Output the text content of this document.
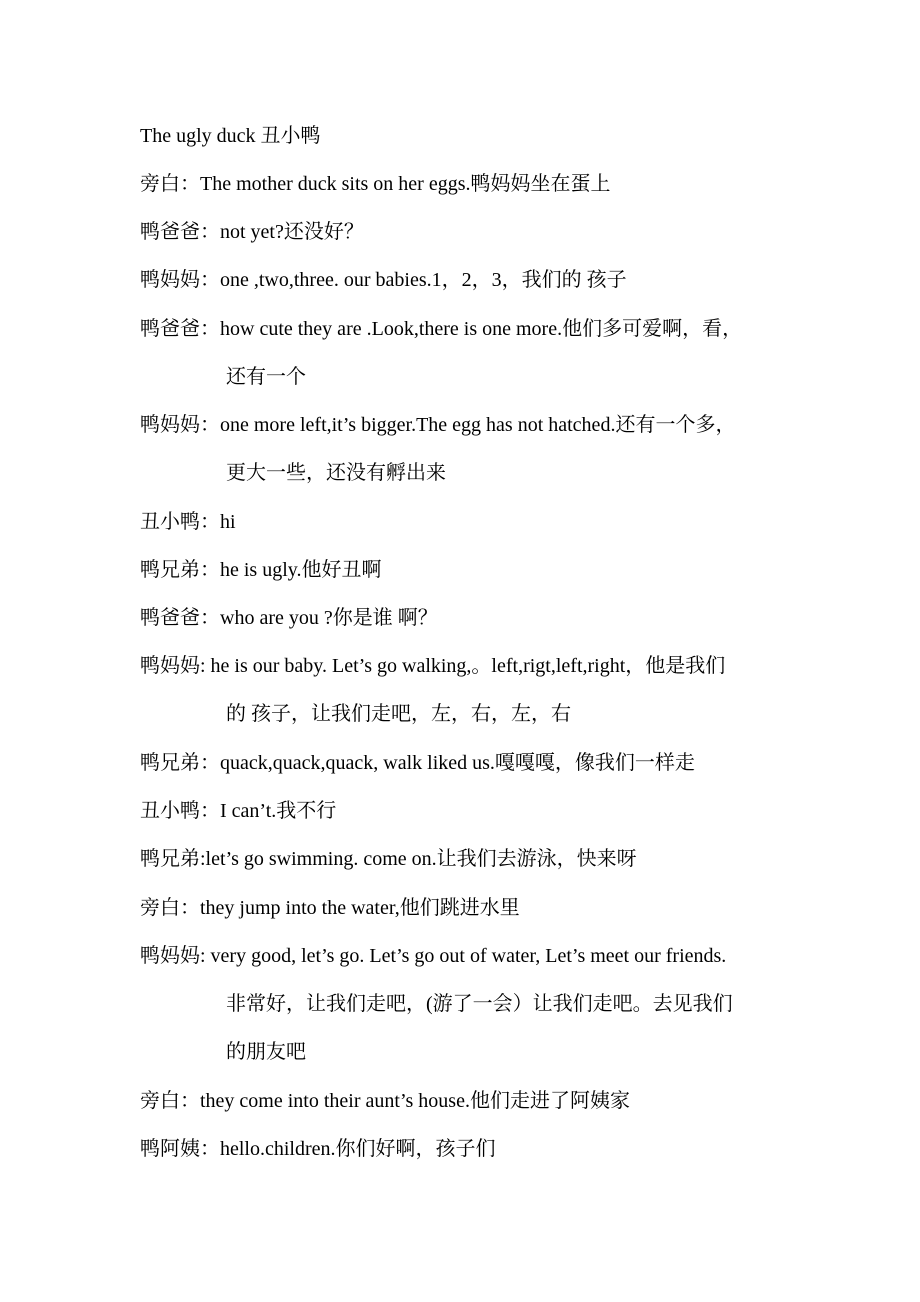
The ugly duck 丑小鸭
旁白：The mother duck sits on her eggs.鸭妈妈坐在蛋上
鸭爸爸：not yet?还没好？
鸭妈妈：one ,two,three. our babies.1，2，3，我们的 孩子
鸭爸爸：how cute they are .Look,there is one more.他们多可爱啊，看，
还有一个
鸭妈妈：one more left,it’s bigger.The egg has not hatched.还有一个多，
更大一些，还没有孵出来
丑小鸭：hi
鸭兄弟：he is ugly.他好丑啊
鸭爸爸：who are you ?你是谁 啊？
鸭妈妈: he is our baby. Let’s go walking,。left,rigt,left,right，他是我们
的 孩子，让我们走吧，左，右，左，右
鸭兄弟：quack,quack,quack, walk liked us.嘎嘎嘎，像我们一样走
丑小鸭：I can’t.我不行
鸭兄弟:let’s go swimming. come on.让我们去游泳，快来呀
旁白：they jump into the water,他们跳进水里
鸭妈妈: very good, let’s go. Let’s go out of water, Let’s meet our friends.
非常好，让我们走吧，(游了一会）让我们走吧。去见我们
的朋友吧
旁白：they come into their aunt’s house.他们走进了阿姨家
鸭阿姨：hello.children.你们好啊，孩子们
